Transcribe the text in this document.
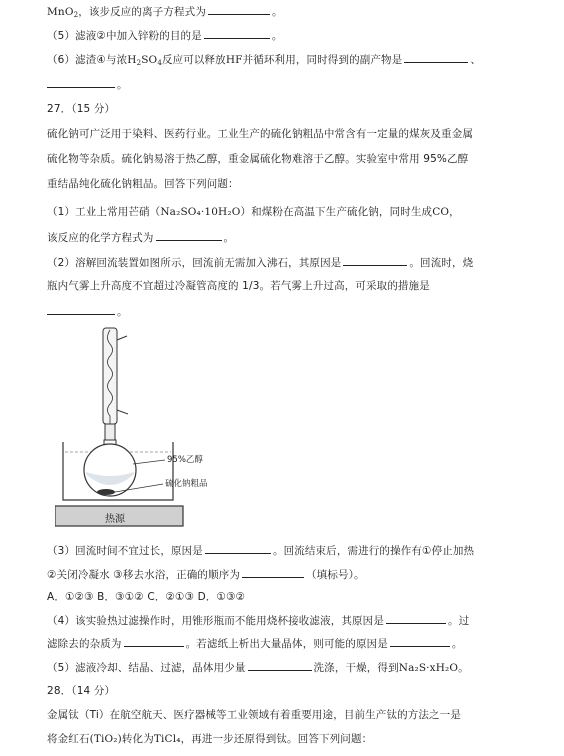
MnO$_2$，该步反应的离子方程式为	。
（5）滤液②中加入锌粉的目的是	。
（6）滤渣④与浓$H_2SO_4$反应可以释放HF并循环利用，同时得到的副产物是	、
。
27．（15 分）
硫化钠可广泛用于染料、医药行业。工业生产的硫化钠粗品中常含有一定量的煤灰及重金属
硫化物等杂质。硫化钠易溶于热乙醇，重金属硫化物难溶于乙醇。实验室中常用 95%乙醇
重结晶纯化硫化钠粗品。回答下列问题：
（1）工业上常用芒硝（Na₂SO₄·10H₂O）和煤粉在高温下生产硫化钠，同时生成CO，
该反应的化学方程式为	。
（2）溶解回流装置如图所示，回流前无需加入沸石，其原因是	。回流时，烧
瓶内气雾上升高度不宜超过冷凝管高度的 1/3。若气雾上升过高，可采取的措施是
。
95%乙醇
硫化钠粗品
热源
（3）回流时间不宜过长，原因是	。回流结束后，需进行的操作有①停止加热
②关闭冷凝水 ③移去水浴，正确的顺序为	（填标号）。
A．①②③ B．③①② C．②①③ D．①③②
（4）该实验热过滤操作时，用锥形瓶而不能用烧杯接收滤液，其原因是	。过
滤除去的杂质为	。若滤纸上析出大量晶体，则可能的原因是	。
（5）滤液冷却、结晶、过滤，晶体用少量	洗涤，干燥，得到Na₂S·xH₂O。
28．（14 分）
金属钛（Ti）在航空航天、医疗器械等工业领域有着重要用途，目前生产钛的方法之一是
将金红石(TiO₂)转化为TiCl₄，再进一步还原得到钛。回答下列问题：
